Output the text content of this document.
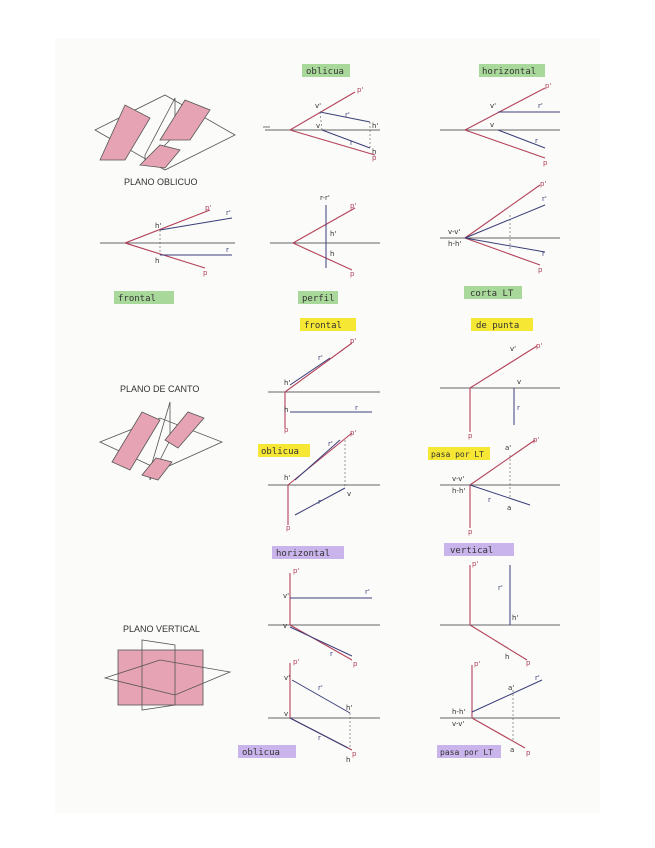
PLANO OBLICUO
oblicua	horizontal
frontal	perfil	corta LT
p'
p
r'
r
v'
v	h'
h
p'
p
r'
r
v'
v
p'
p
r'
r
h'
h
p'
p
r-r'
h'
h
p'
p
r'
r
v-v'
h-h'
PLANO DE CANTO
frontal	de punta
oblicua	pasa por LT
p'
p
r'
r
h'
h
p'
p
v'
v
r
p'
p
r'
r
h'
v
p'
p
a'
a
r
v-v'
h-h'
PLANO VERTICAL
horizontal	vertical
oblicua	pasa por LT
p'
p
r'
r
v'
v
p'
p
r'
h'
h
p'
p
r'
r
v'
v
h'
h
p'
p
r'
a'
a
h-h'
v-v'
